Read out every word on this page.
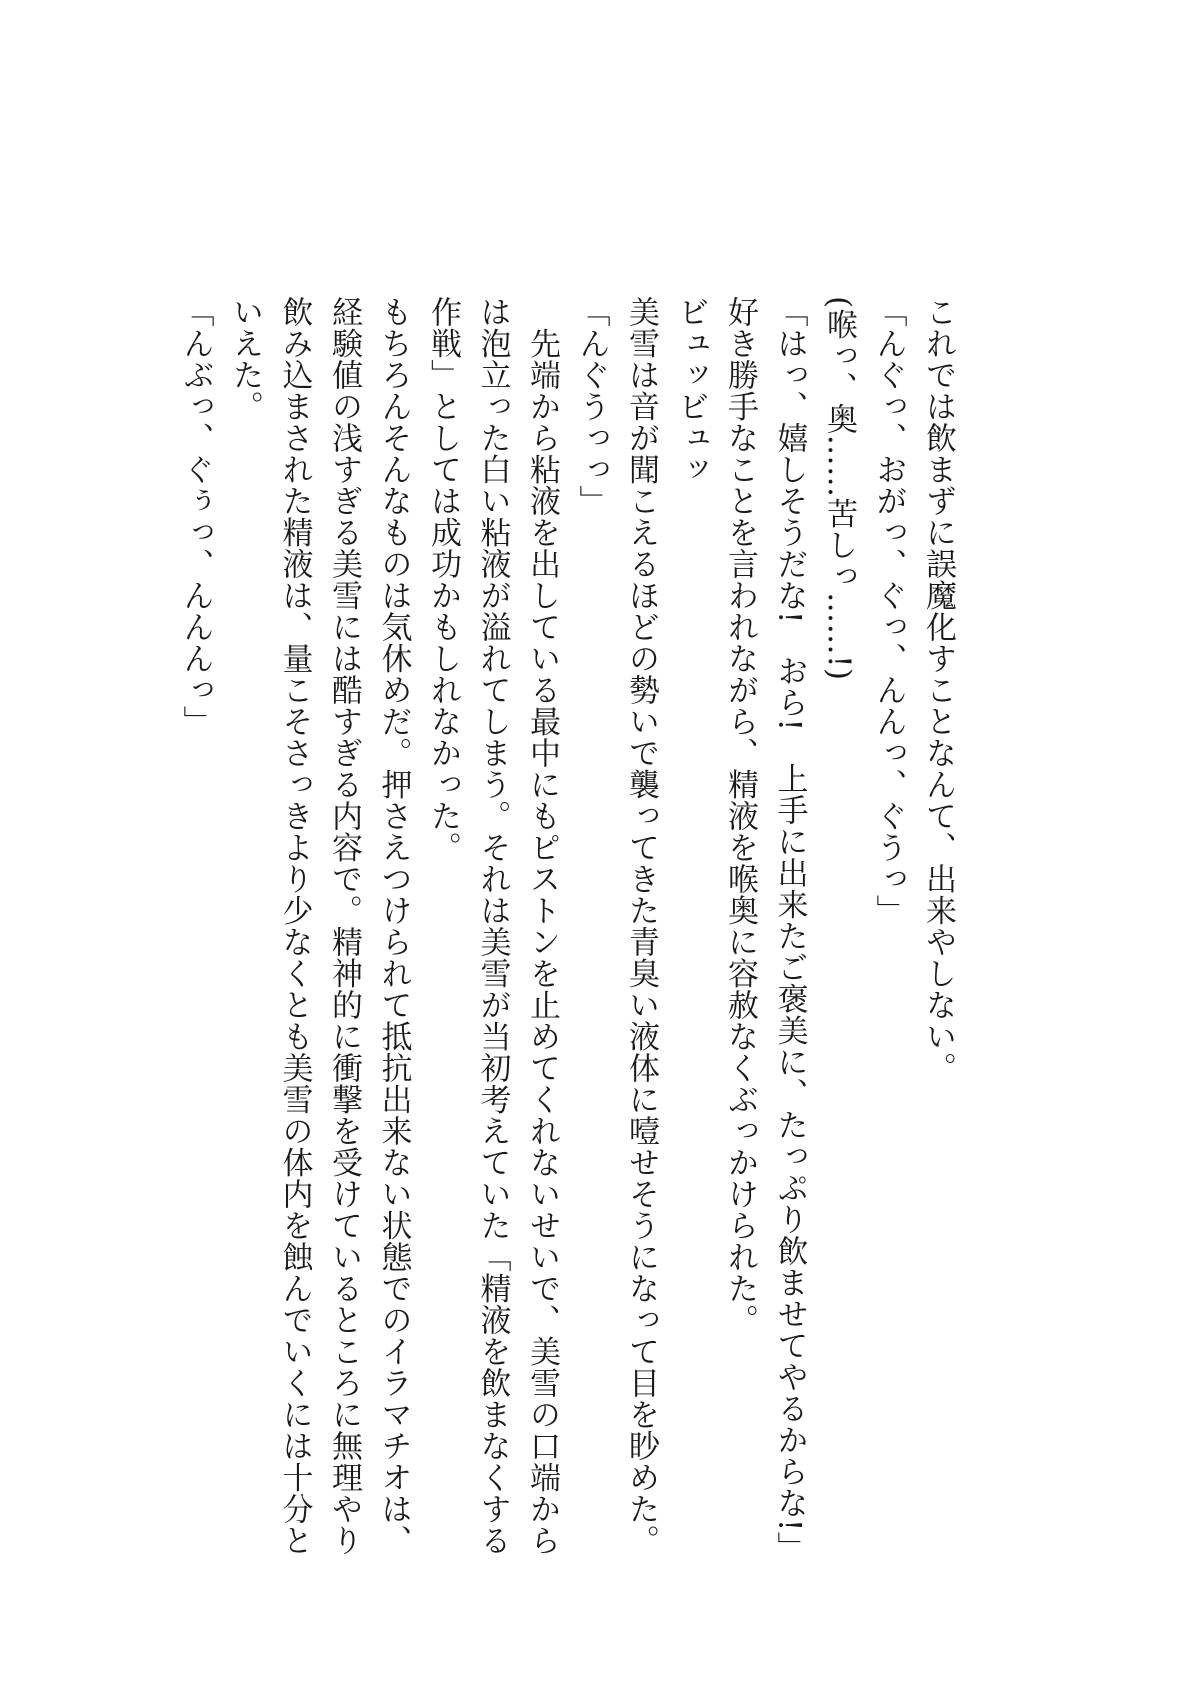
これでは飲まずに誤魔化すことなんて、出来やしない。

「んぐっ、おがっ、ぐっ、んんっ、ぐうっ」

(喉っ、奥……苦しっ……!)

「はっ、嬉しそうだな!　おら!　上手に出来たご褒美に、たっぷり飲ませてやるからな!」

好き勝手なことを言われながら、精液を喉奥に容赦なくぶっかけられた。

ビュッビュッ

美雪は音が聞こえるほどの勢いで襲ってきた青臭い液体に噎せそうになって目を眇めた。

「んぐうっっ」

　先端から粘液を出している最中にもピストンを止めてくれないせいで、美雪の口端から

は泡立った白い粘液が溢れてしまう。それは美雪が当初考えていた「精液を飲まなくする

作戦」としては成功かもしれなかった。

もちろんそんなものは気休めだ。押さえつけられて抵抗出来ない状態でのイラマチオは、

経験値の浅すぎる美雪には酷すぎる内容で。精神的に衝撃を受けているところに無理やり

飲み込まされた精液は、量こそさっきより少なくとも美雪の体内を蝕んでいくには十分と

いえた。

「んぶっ、ぐぅっ、んんんっ」
